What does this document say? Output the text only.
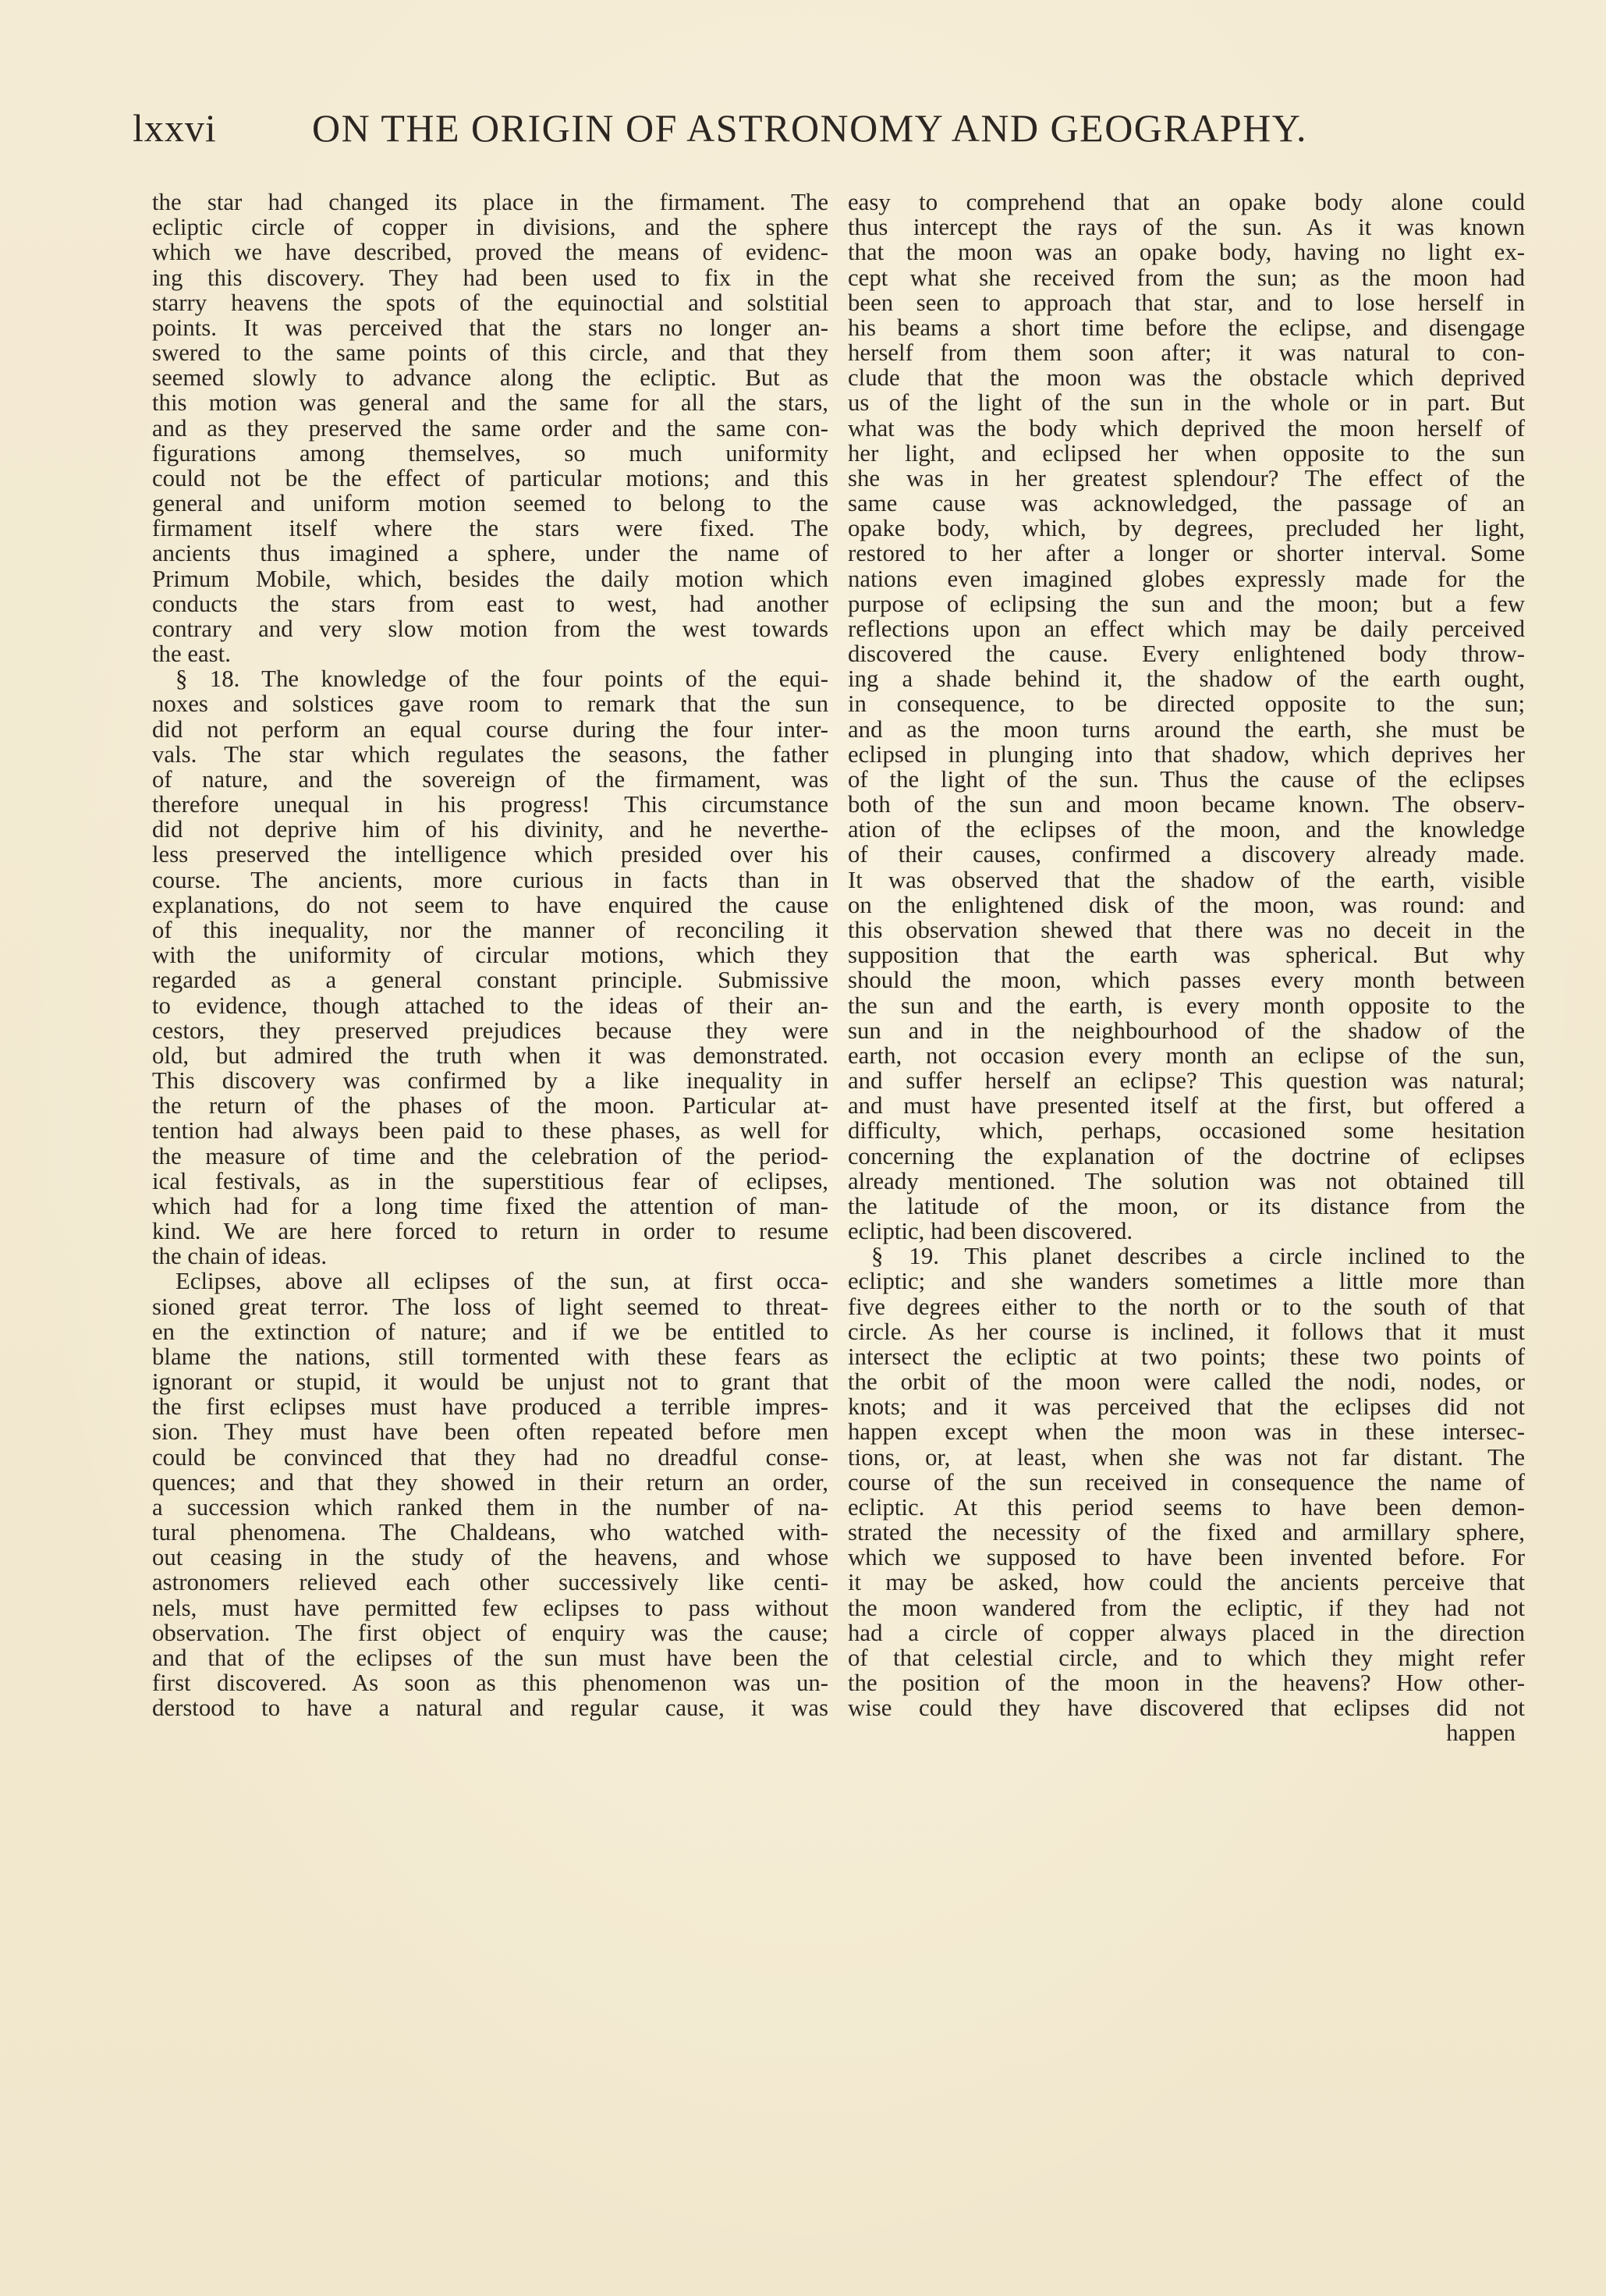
lxxvi	ON THE ORIGIN OF ASTRONOMY AND GEOGRAPHY.
the star had changed its place in the firmament. The
ecliptic circle of copper in divisions, and the sphere
which we have described, proved the means of evidenc-
ing this discovery. They had been used to fix in the
starry heavens the spots of the equinoctial and solstitial
points. It was perceived that the stars no longer an-
swered to the same points of this circle, and that they
seemed slowly to advance along the ecliptic. But as
this motion was general and the same for all the stars,
and as they preserved the same order and the same con-
figurations among themselves, so much uniformity
could not be the effect of particular motions; and this
general and uniform motion seemed to belong to the
firmament itself where the stars were fixed. The
ancients thus imagined a sphere, under the name of
Primum Mobile, which, besides the daily motion which
conducts the stars from east to west, had another
contrary and very slow motion from the west towards
the east.
§ 18. The knowledge of the four points of the equi-
noxes and solstices gave room to remark that the sun
did not perform an equal course during the four inter-
vals. The star which regulates the seasons, the father
of nature, and the sovereign of the firmament, was
therefore unequal in his progress! This circumstance
did not deprive him of his divinity, and he neverthe-
less preserved the intelligence which presided over his
course. The ancients, more curious in facts than in
explanations, do not seem to have enquired the cause
of this inequality, nor the manner of reconciling it
with the uniformity of circular motions, which they
regarded as a general constant principle. Submissive
to evidence, though attached to the ideas of their an-
cestors, they preserved prejudices because they were
old, but admired the truth when it was demonstrated.
This discovery was confirmed by a like inequality in
the return of the phases of the moon. Particular at-
tention had always been paid to these phases, as well for
the measure of time and the celebration of the period-
ical festivals, as in the superstitious fear of eclipses,
which had for a long time fixed the attention of man-
kind. We are here forced to return in order to resume
the chain of ideas.
Eclipses, above all eclipses of the sun, at first occa-
sioned great terror. The loss of light seemed to threat-
en the extinction of nature; and if we be entitled to
blame the nations, still tormented with these fears as
ignorant or stupid, it would be unjust not to grant that
the first eclipses must have produced a terrible impres-
sion. They must have been often repeated before men
could be convinced that they had no dreadful conse-
quences; and that they showed in their return an order,
a succession which ranked them in the number of na-
tural phenomena. The Chaldeans, who watched with-
out ceasing in the study of the heavens, and whose
astronomers relieved each other successively like centi-
nels, must have permitted few eclipses to pass without
observation. The first object of enquiry was the cause;
and that of the eclipses of the sun must have been the
first discovered. As soon as this phenomenon was un-
derstood to have a natural and regular cause, it was
easy to comprehend that an opake body alone could
thus intercept the rays of the sun. As it was known
that the moon was an opake body, having no light ex-
cept what she received from the sun; as the moon had
been seen to approach that star, and to lose herself in
his beams a short time before the eclipse, and disengage
herself from them soon after; it was natural to con-
clude that the moon was the obstacle which deprived
us of the light of the sun in the whole or in part. But
what was the body which deprived the moon herself of
her light, and eclipsed her when opposite to the sun
she was in her greatest splendour? The effect of the
same cause was acknowledged, the passage of an
opake body, which, by degrees, precluded her light,
restored to her after a longer or shorter interval. Some
nations even imagined globes expressly made for the
purpose of eclipsing the sun and the moon; but a few
reflections upon an effect which may be daily perceived
discovered the cause. Every enlightened body throw-
ing a shade behind it, the shadow of the earth ought,
in consequence, to be directed opposite to the sun;
and as the moon turns around the earth, she must be
eclipsed in plunging into that shadow, which deprives her
of the light of the sun. Thus the cause of the eclipses
both of the sun and moon became known. The observ-
ation of the eclipses of the moon, and the knowledge
of their causes, confirmed a discovery already made.
It was observed that the shadow of the earth, visible
on the enlightened disk of the moon, was round: and
this observation shewed that there was no deceit in the
supposition that the earth was spherical. But why
should the moon, which passes every month between
the sun and the earth, is every month opposite to the
sun and in the neighbourhood of the shadow of the
earth, not occasion every month an eclipse of the sun,
and suffer herself an eclipse? This question was natural;
and must have presented itself at the first, but offered a
difficulty, which, perhaps, occasioned some hesitation
concerning the explanation of the doctrine of eclipses
already mentioned. The solution was not obtained till
the latitude of the moon, or its distance from the
ecliptic, had been discovered.
§ 19. This planet describes a circle inclined to the
ecliptic; and she wanders sometimes a little more than
five degrees either to the north or to the south of that
circle. As her course is inclined, it follows that it must
intersect the ecliptic at two points; these two points of
the orbit of the moon were called the nodi, nodes, or
knots; and it was perceived that the eclipses did not
happen except when the moon was in these intersec-
tions, or, at least, when she was not far distant. The
course of the sun received in consequence the name of
ecliptic. At this period seems to have been demon-
strated the necessity of the fixed and armillary sphere,
which we supposed to have been invented before. For
it may be asked, how could the ancients perceive that
the moon wandered from the ecliptic, if they had not
had a circle of copper always placed in the direction
of that celestial circle, and to which they might refer
the position of the moon in the heavens? How other-
wise could they have discovered that eclipses did not
happen
